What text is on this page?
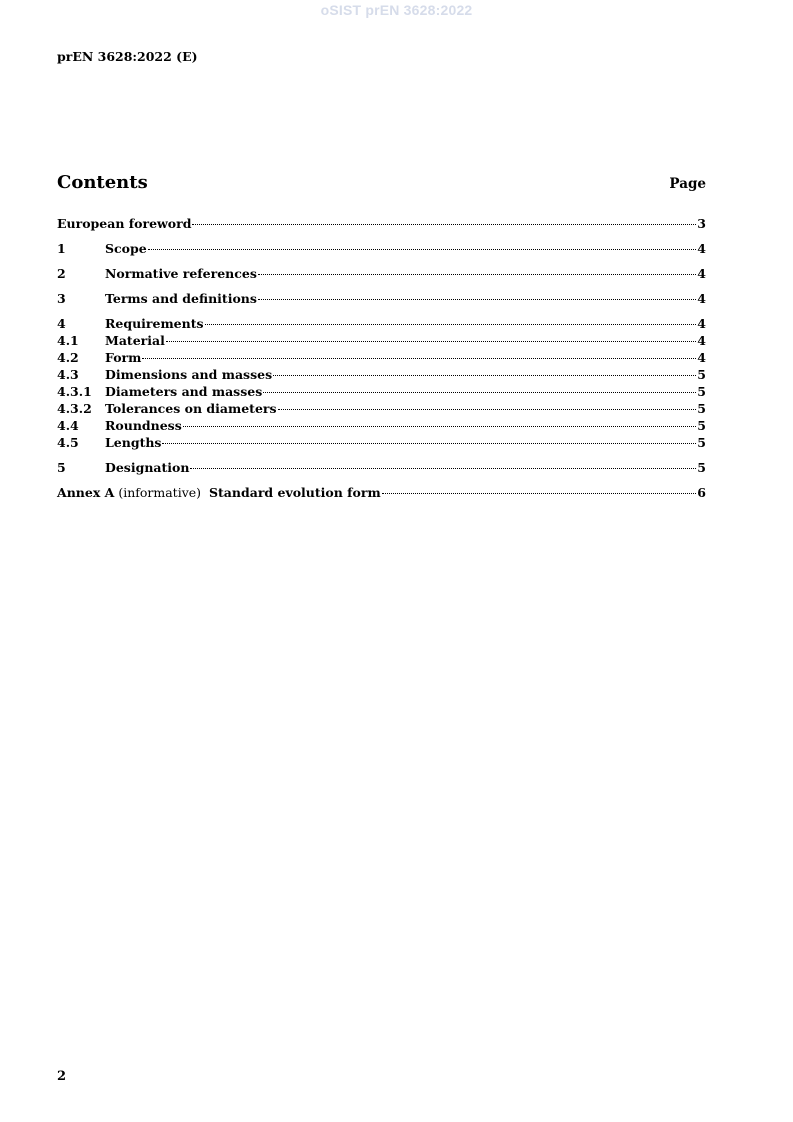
oSIST prEN 3628:2022
prEN 3628:2022 (E)
Contents	Page
European foreword	3
1	Scope	4
2	Normative references	4
3	Terms and definitions	4
4	Requirements	4
4.1	Material	4
4.2	Form	4
4.3	Dimensions and masses	5
4.3.1	Diameters and masses	5
4.3.2	Tolerances on diameters	5
4.4	Roundness	5
4.5	Lengths	5
5	Designation	5
Annex A (informative)  Standard evolution form	6
2
